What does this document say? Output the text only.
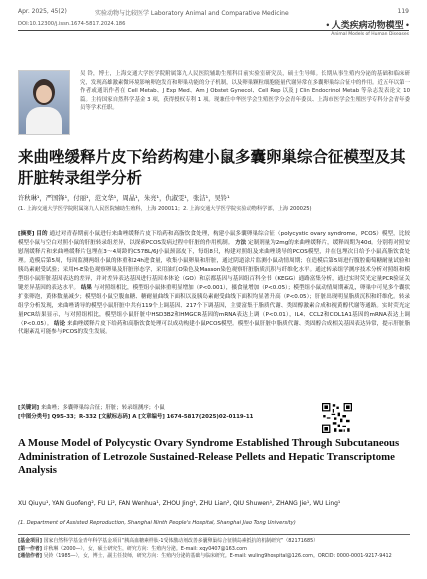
Apr. 2025, 45(2)	实验动物与比较医学 Laboratory Animal and Comparative Medicine	119
DOI:10.12300/j.issn.1674-5817.2024.186	• 人类疾病动物模型 •
Animal Models of Human Diseases
吴 铃，博士，上海交通大学医学院附属第九人民医院辅助生殖科目前实验室研究员，硕士生导师。长期从事生殖内分泌的基础和临床研究，发现高雄激素微环境影响卵泡发育和卵巢功能的分子机制，以及卵巢颗粒细胞能量代谢异常在多囊卵巢综合征中的作用。近五年以第一作者或通讯作者在 Cell Metab、J Exp Med、Am J Obstet Gynecol、Cell Rep 以及 J Clin Endocrinol Metab 等杂志发表论文 10 篇。主持国家自然科学基金 3 项，获得授权专利 1 项。现兼任中华医学会生殖医学分会青年委员、上海市医学会生殖医学专科分会青年委员等学术任职。
来曲唑缓释片皮下给药构建小鼠多囊卵巢综合征模型及其肝脏转录组学分析
许秋琳¹，严国锋¹，付丽¹，范文华¹，周晶¹，朱亮¹，仇淑雯¹，张洁¹，吴铃¹
(1. 上海交通大学医学院附属第九人民医院辅助生殖科，上海 200011；2. 上海交通大学医学院实验动物科学部，上海 200025)
[摘要] 目的 通过对青春期前小鼠进行来曲唑缓释片皮下给药和高脂饮食处理，构建小鼠多囊卵巢综合征（polycystic ovary syndrome，PCOS）模型，比较模型小鼠与空白对照小鼠的肝脏转录组差异，以探索PCOS发病过程中肝脏的作用机制。 方法 定制剂量为2mg的来曲唑缓释片，缓释周期为40d。分别将对照安慰剂缓释片和来曲唑缓释片包埋在3～4周龄的C57BL/6J小鼠颈部皮下，每组8只，构建对照组及来曲唑诱导的PCOS模型，并在包埋次日给予小鼠高脂饮食处理。造模后第5周，每周监测两组小鼠的体重和24h进食量，收集小鼠卵巢和肝脏，通过阴道涂片监测小鼠动情周期；在造模后第5周进行腹腔葡萄糖耐量试验和胰岛素耐受试验；采用H-E染色观察卵巢及肝脏形态学，采用油红O染色及Masson染色观察肝脏脂质沉积与纤维化水平。通过转录组学测序技术分析对照组和模型组小鼠肝脏基因表达的差异，并对差异表达基因进行基因本体论（GO）和京都基因与基因组百科全书（KEGG）通路富集分析，通过实时荧光定量PCR验证关键差异基因的表达水平。 结果 与对照组相比，模型组小鼠体重明显增加（P<0.001），摄食量增加（P<0.05）；模型组小鼠动情周期紊乱，卵巢中可见多个囊状扩张卵泡，黄体数量减少；模型组小鼠空腹血糖、糖耐量曲线下面积以及胰岛素耐受曲线下面积均显著升高（P<0.05）；肝脏出现明显脂质沉积和纤维化。转录组学分析发现，来曲唑诱导的模型小鼠肝脏中共有119个上调基因、217个下调基因，主要富集于脂质代谢、类固醇激素合成和视黄醇代谢等通路。实时荧光定量PCR结果显示，与对照组相比，模型组小鼠肝脏中HSD3B2和HMGCR基因的mRNA表达上调（P<0.01），IL4、CCL2和COL1A1基因的mRNA表达上调（P<0.05）。 结论 来曲唑缓释片皮下给药和高脂饮食处理可以成功构建小鼠PCOS模型。模型小鼠肝脏中脂质代谢、类固醇合成相关基因表达异常，提示肝脏脂代谢紊乱可能参与PCOS的发生发展。
[关键词] 来曲唑；多囊卵巢综合征；肝脏；转录组测序；小鼠
[中图分类号] Q95-33；R-332 [文献标志码] A [文章编号] 1674-5817(2025)02-0119-11
A Mouse Model of Polycystic Ovary Syndrome Established Through Subcutaneous Administration of Letrozole Sustained-Release Pellets and Hepatic Transcriptome Analysis
XU Qiuyu¹, YAN Guofeng², FU Li², FAN Wenhua¹, ZHOU Jing², ZHU Lian², QIU Shuwen¹, ZHANG Jie¹, WU Ling¹
(1. Department of Assisted Reproduction, Shanghai Ninth People's Hospital, Shanghai Jiao Tong University)
[基金项目] 国家自然科学基金青年科学基金项目“胰高血糖素样肽-1受体激动剂改善多囊卵巢综合征胰岛素抵抗的机制研究”（82171685）
[第一作者] 许秋琳（2000—），女，硕士研究生，研究方向：生殖内分泌。E-mail: xqy0407@163.com
[通信作者] 吴铃（1985—），女，博士，副主任技师，研究方向：生殖内分泌的基础与临床研究。E-mail: wuling9hospital@126.com。ORCID: 0000-0001-9217-9412
